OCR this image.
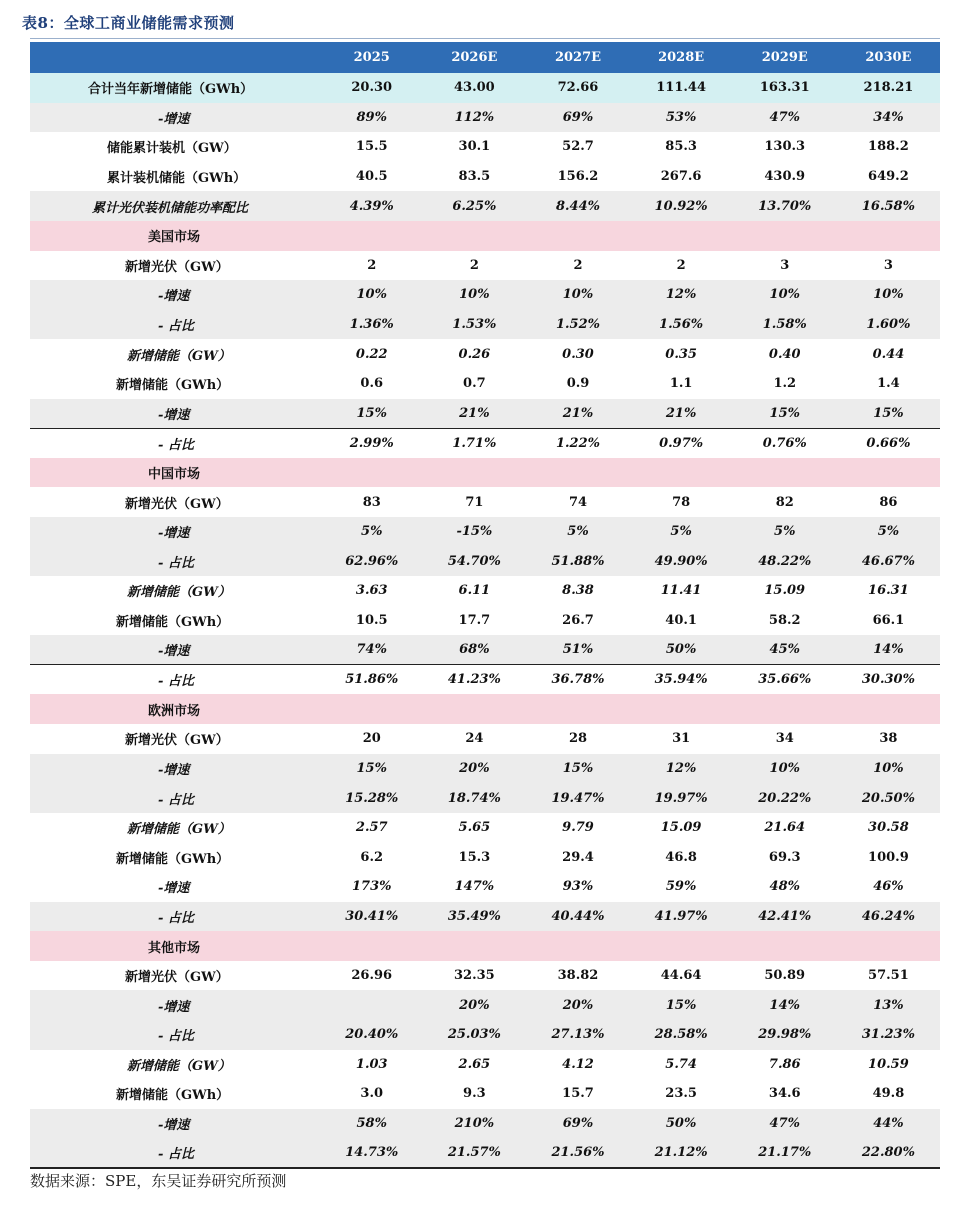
表8：全球工商业储能需求预测
	2025	2026E	2027E	2028E	2029E	2030E
合计当年新增储能（GWh）	20.30	43.00	72.66	111.44	163.31	218.21
-增速	89%	112%	69%	53%	47%	34%
储能累计装机（GW）	15.5	30.1	52.7	85.3	130.3	188.2
累计装机储能（GWh）	40.5	83.5	156.2	267.6	430.9	649.2
累计光伏装机储能功率配比	4.39%	6.25%	8.44%	10.92%	13.70%	16.58%
美国市场						
新增光伏（GW）	2	2	2	2	3	3
-增速	10%	10%	10%	12%	10%	10%
- 占比	1.36%	1.53%	1.52%	1.56%	1.58%	1.60%
新增储能（GW）	0.22	0.26	0.30	0.35	0.40	0.44
新增储能（GWh）	0.6	0.7	0.9	1.1	1.2	1.4
-增速	15%	21%	21%	21%	15%	15%
- 占比	2.99%	1.71%	1.22%	0.97%	0.76%	0.66%
中国市场						
新增光伏（GW）	83	71	74	78	82	86
-增速	5%	-15%	5%	5%	5%	5%
- 占比	62.96%	54.70%	51.88%	49.90%	48.22%	46.67%
新增储能（GW）	3.63	6.11	8.38	11.41	15.09	16.31
新增储能（GWh）	10.5	17.7	26.7	40.1	58.2	66.1
-增速	74%	68%	51%	50%	45%	14%
- 占比	51.86%	41.23%	36.78%	35.94%	35.66%	30.30%
欧洲市场						
新增光伏（GW）	20	24	28	31	34	38
-增速	15%	20%	15%	12%	10%	10%
- 占比	15.28%	18.74%	19.47%	19.97%	20.22%	20.50%
新增储能（GW）	2.57	5.65	9.79	15.09	21.64	30.58
新增储能（GWh）	6.2	15.3	29.4	46.8	69.3	100.9
-增速	173%	147%	93%	59%	48%	46%
- 占比	30.41%	35.49%	40.44%	41.97%	42.41%	46.24%
其他市场						
新增光伏（GW）	26.96	32.35	38.82	44.64	50.89	57.51
-增速		20%	20%	15%	14%	13%
- 占比	20.40%	25.03%	27.13%	28.58%	29.98%	31.23%
新增储能（GW）	1.03	2.65	4.12	5.74	7.86	10.59
新增储能（GWh）	3.0	9.3	15.7	23.5	34.6	49.8
-增速	58%	210%	69%	50%	47%	44%
- 占比	14.73%	21.57%	21.56%	21.12%	21.17%	22.80%
数据来源：SPE，东吴证券研究所预测
